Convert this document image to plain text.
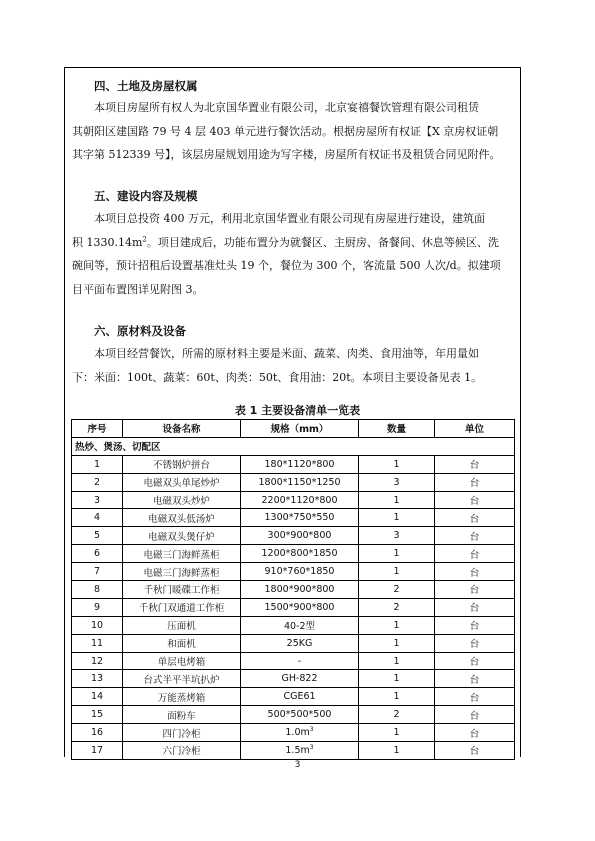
四、土地及房屋权属
本项目房屋所有权人为北京国华置业有限公司，北京宴禧餐饮管理有限公司租赁
其朝阳区建国路 79 号 4 层 403 单元进行餐饮活动。根据房屋所有权证【X 京房权证朝
其字第 512339 号】，该层房屋规划用途为写字楼，房屋所有权证书及租赁合同见附件。
五、建设内容及规模
本项目总投资 400 万元，利用北京国华置业有限公司现有房屋进行建设，建筑面
积 $1330.14m^2$。项目建成后，功能布置分为就餐区、主厨房、备餐间、休息等候区、洗
碗间等，预计招租后设置基准灶头 19 个，餐位为 300 个，客流量 500 人次/d。拟建项
目平面布置图详见附图 3。
六、原材料及设备
本项目经营餐饮，所需的原材料主要是米面、蔬菜、肉类、食用油等，年用量如
下：米面：100t、蔬菜：60t、肉类：50t、食用油：20t。本项目主要设备见表 1。
表 1 主要设备清单一览表
序号	设备名称	规格（mm）	数量	单位
热炒、煲汤、切配区				
1	不锈钢炉拼台	180*1120*800	1	台
2	电磁双头单尾炒炉	1800*1150*1250	3	台
3	电磁双头炒炉	2200*1120*800	1	台
4	电磁双头低汤炉	1300*750*550	1	台
5	电磁双头煲仔炉	300*900*800	3	台
6	电磁三门海鲜蒸柜	1200*800*1850	1	台
7	电磁三门海鲜蒸柜	910*760*1850	1	台
8	千秋门暖碟工作柜	1800*900*800	2	台
9	千秋门双通道工作柜	1500*900*800	2	台
10	压面机	40-2型	1	台
11	和面机	25KG	1	台
12	单层电烤箱	-	1	台
13	台式半平半坑扒炉	GH-822	1	台
14	万能蒸烤箱	CGE61	1	台
15	面粉车	500*500*500	2	台
16	四门冷柜	$1.0m^3$	1	台
17	六门冷柜	$1.5m^3$	1	台
3
